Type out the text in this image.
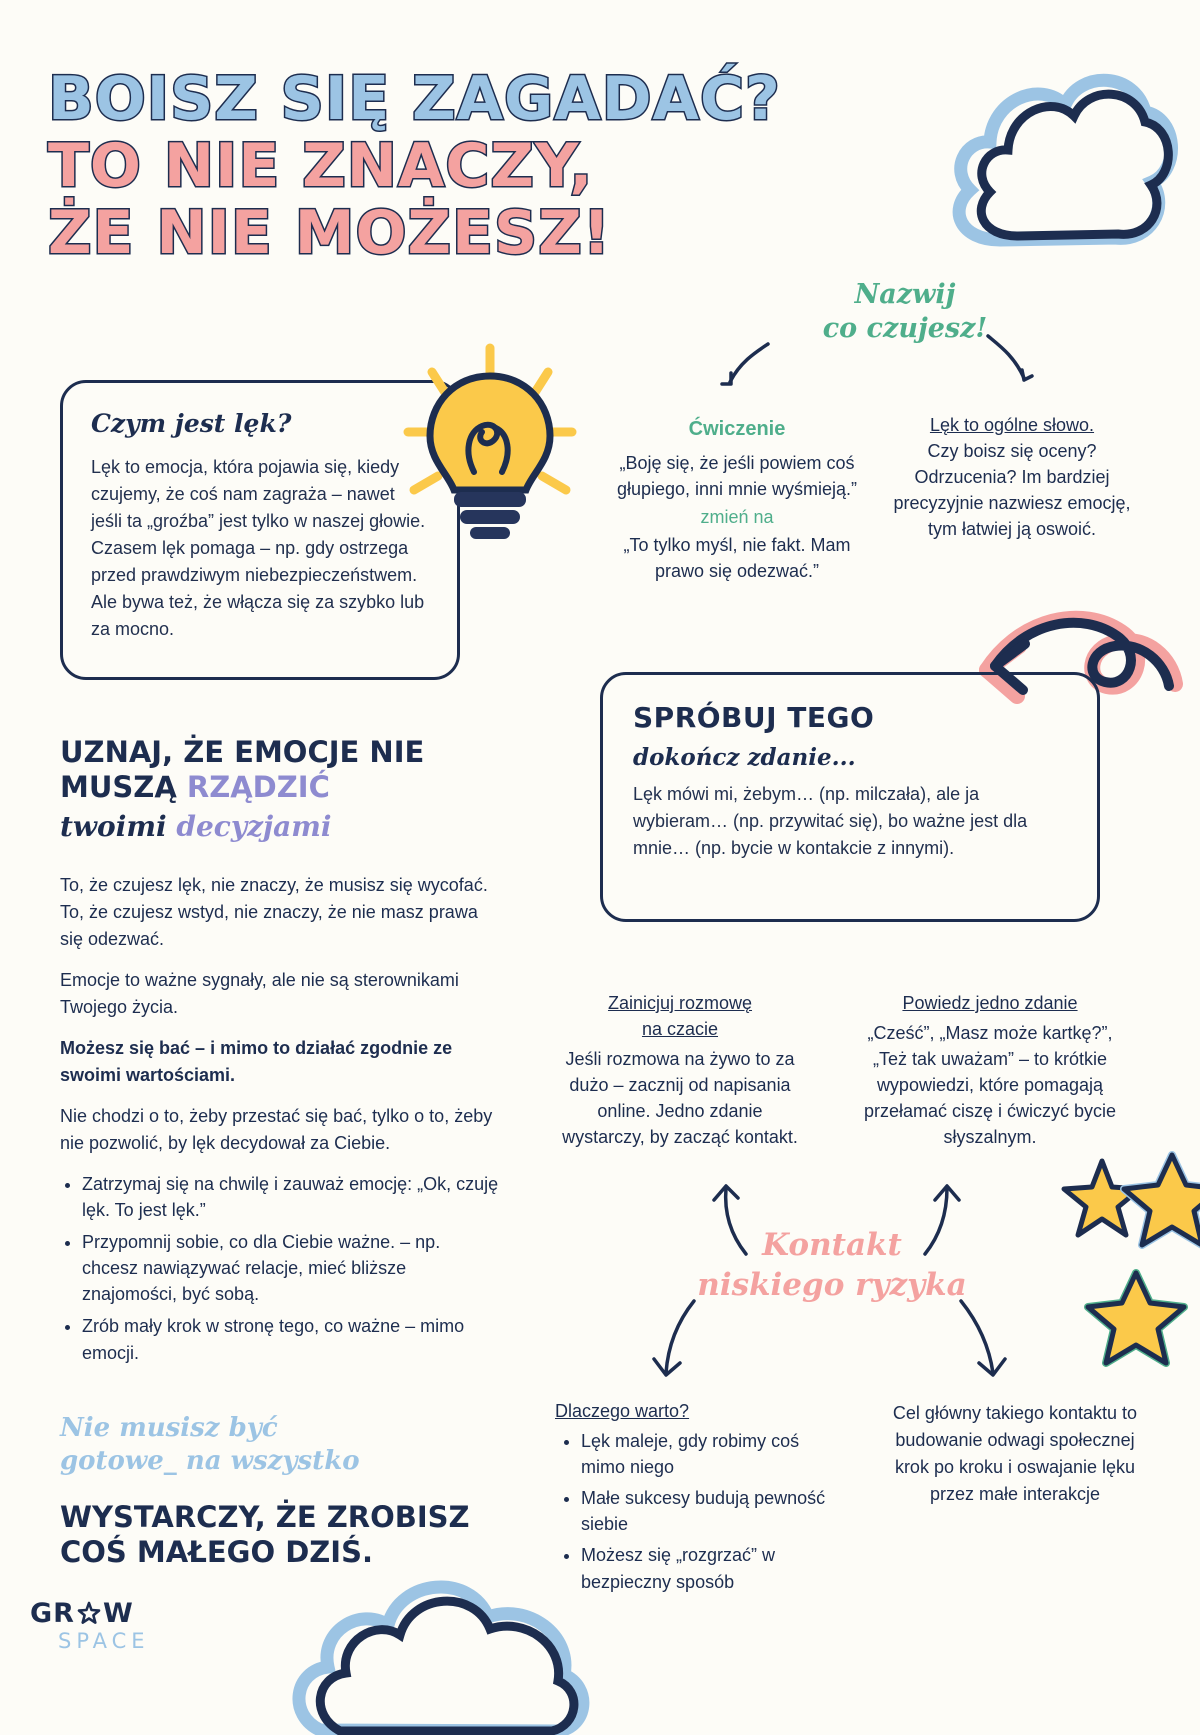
BOISZ SIĘ ZAGADAĆ?
TO NIE ZNACZY,
ŻE NIE MOŻESZ!
Czym jest lęk?
Lęk to emocja, która pojawia się, kiedy czujemy, że coś nam zagraża – nawet jeśli ta „groźba” jest tylko w naszej głowie. Czasem lęk pomaga – np. gdy ostrzega przed prawdziwym niebezpieczeństwem. Ale bywa też, że włącza się za szybko lub za mocno.
UZNAJ, ŻE EMOCJE NIE
MUSZĄ RZĄDZIĆ
twoimi decyzjami

To, że czujesz lęk, nie znaczy, że musisz się wycofać. To, że czujesz wstyd, nie znaczy, że nie masz prawa się odezwać.

Emocje to ważne sygnały, ale nie są sterownikami Twojego życia.

Możesz się bać – i mimo to działać zgodnie ze swoimi wartościami.

Nie chodzi o to, żeby przestać się bać, tylko o to, żeby nie pozwolić, by lęk decydował za Ciebie.

• Zatrzymaj się na chwilę i zauważ emocję: „Ok, czuję lęk. To jest lęk.”
• Przypomnij sobie, co dla Ciebie ważne. – np. chcesz nawiązywać relacje, mieć bliższe znajomości, być sobą.
• Zrób mały krok w stronę tego, co ważne – mimo emocji.
Nie musisz być
gotowe_ na wszystko
WYSTARCZY, ŻE ZROBISZ
COŚ MAŁEGO DZIŚ.
GR W
SPACE
Nazwij
co czujesz!
Ćwiczenie
„Boję się, że jeśli powiem coś głupiego, inni mnie wyśmieją.”
zmień na
„To tylko myśl, nie fakt. Mam prawo się odezwać.”
Lęk to ogólne słowo.
Czy boisz się oceny? Odrzucenia? Im bardziej precyzyjnie nazwiesz emocję, tym łatwiej ją oswoić.
SPRÓBUJ TEGO
dokończ zdanie...
Lęk mówi mi, żebym… (np. milczała), ale ja wybieram… (np. przywitać się), bo ważne jest dla mnie… (np. bycie w kontakcie z innymi).
Zainicjuj rozmowę
na czacie
Jeśli rozmowa na żywo to za dużo – zacznij od napisania online. Jedno zdanie wystarczy, by zacząć kontakt.
Powiedz jedno zdanie
„Cześć”, „Masz może kartkę?”, „Też tak uważam” – to krótkie wypowiedzi, które pomagają przełamać ciszę i ćwiczyć bycie słyszalnym.
Kontakt
niskiego ryzyka
Dlaczego warto?
• Lęk maleje, gdy robimy coś mimo niego
• Małe sukcesy budują pewność siebie
• Możesz się „rozgrzać” w bezpieczny sposób
Cel główny takiego kontaktu to budowanie odwagi społecznej krok po kroku i oswajanie lęku przez małe interakcje
